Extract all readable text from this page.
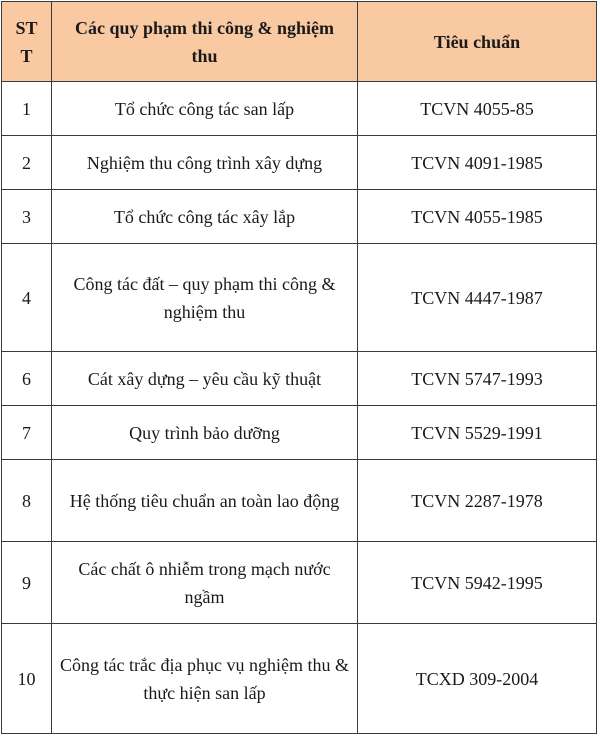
ST T	Các quy phạm thi công & nghiệm thu	Tiêu chuẩn
1	Tổ chức công tác san lấp	TCVN 4055-85
2	Nghiệm thu công trình xây dựng	TCVN 4091-1985
3	Tổ chức công tác xây lắp	TCVN 4055-1985
4	Công tác đất – quy phạm thi công & nghiệm thu	TCVN 4447-1987
6	Cát xây dựng – yêu cầu kỹ thuật	TCVN 5747-1993
7	Quy trình bảo dưỡng	TCVN 5529-1991
8	Hệ thống tiêu chuẩn an toàn lao động	TCVN 2287-1978
9	Các chất ô nhiễm trong mạch nước ngầm	TCVN 5942-1995
10	Công tác trắc địa phục vụ nghiệm thu & thực hiện san lấp	TCXD 309-2004
